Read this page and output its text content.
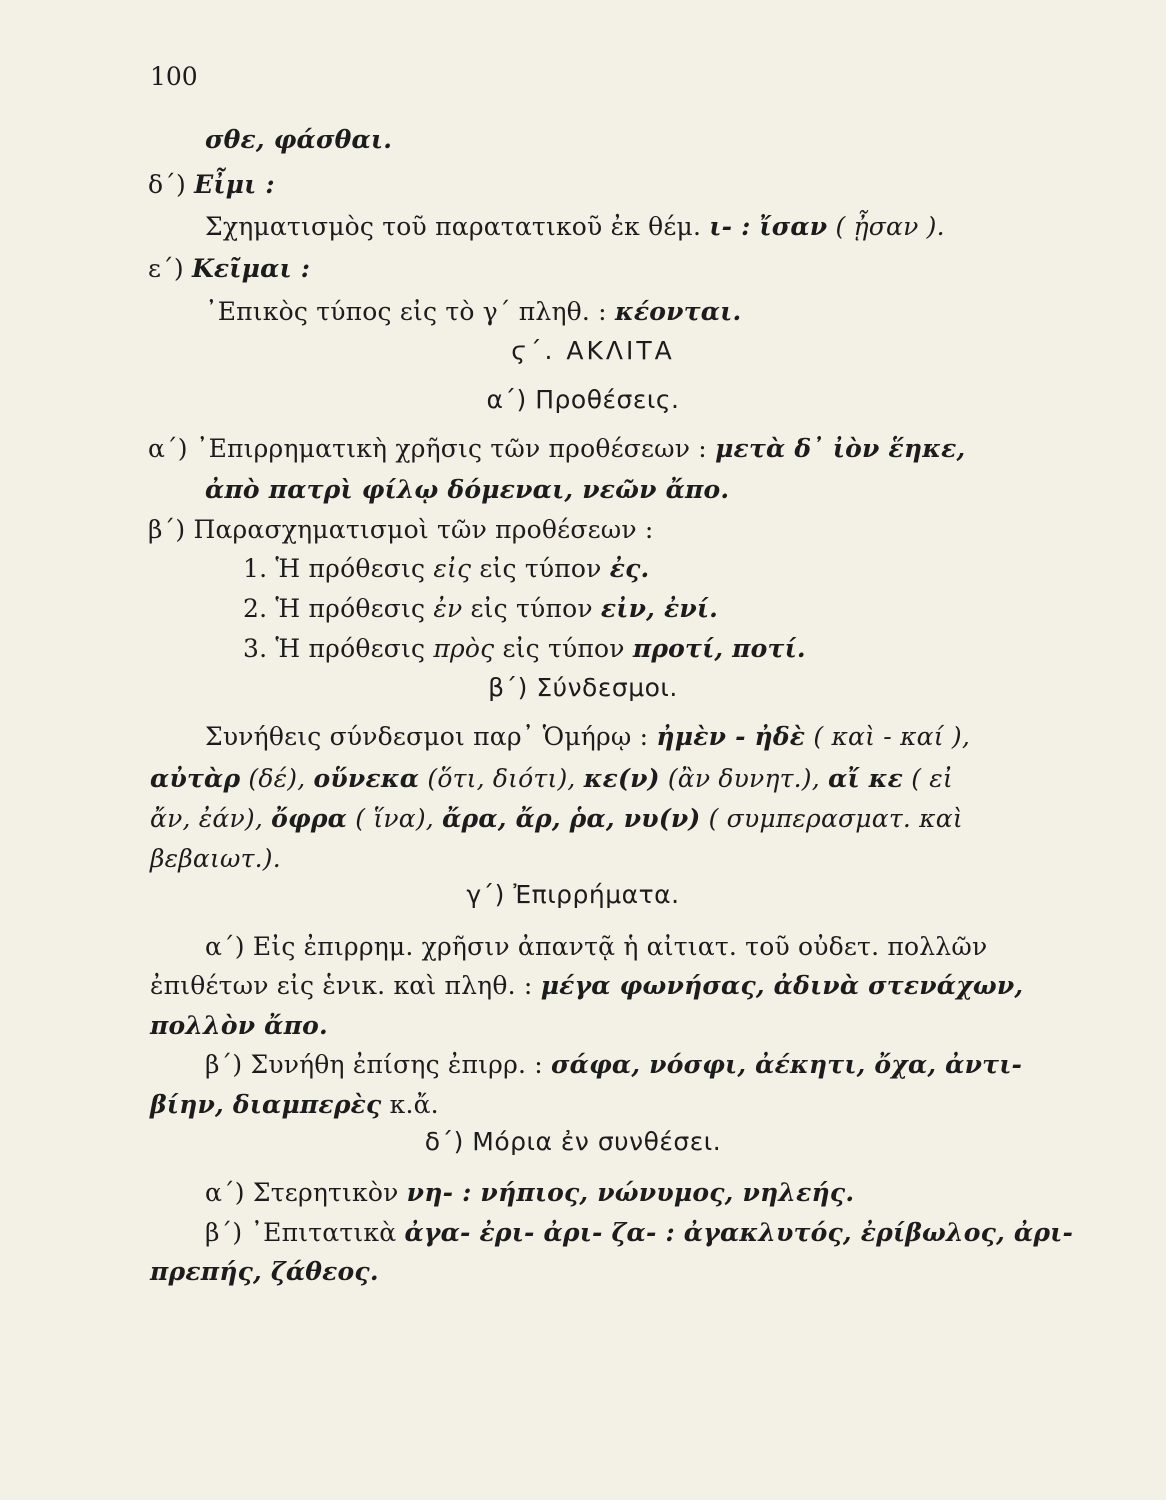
100
σθε, φάσθαι.
δ΄) Εἶμι :
Σχηματισμὸς τοῦ παρατατικοῦ ἐκ θέμ. ι- : ἴσαν ( ᾖσαν ).
ε΄) Κεῖμαι :
᾿Επικὸς τύπος εἰς τὸ γ΄ πληθ. : κέονται.
ϛ΄. ΑΚΛΙΤΑ
α΄) Προθέσεις.
α΄) ᾿Επιρρηματικὴ χρῆσις τῶν προθέσεων : μετὰ δ᾿ ἰὸν ἕηκε,
ἀπὸ πατρὶ φίλῳ δόμεναι, νεῶν ἄπο.
β΄) Παρασχηματισμοὶ τῶν προθέσεων :
1. Ἡ πρόθεσις εἰς εἰς τύπον ἐς.
2. Ἡ πρόθεσις ἐν εἰς τύπον εἰν, ἐνί.
3. Ἡ πρόθεσις πρὸς εἰς τύπον προτί, ποτί.
β΄) Σύνδεσμοι.
Συνήθεις σύνδεσμοι παρ᾿ Ὁμήρῳ : ἠμὲν - ἠδὲ ( καὶ - καί ),
αὐτὰρ (δέ), οὕνεκα (ὅτι, διότι), κε(ν) (ἂν δυνητ.), αἴ κε ( εἰ
ἄν, ἐάν), ὄφρα ( ἵνα), ἄρα, ἄρ, ῥα, νυ(ν) ( συμπερασματ. καὶ
βεβαιωτ.).
γ΄) Ἐπιρρήματα.
α΄) Εἰς ἐπιρρημ. χρῆσιν ἀπαντᾷ ἡ αἰτιατ. τοῦ οὐδετ. πολλῶν
ἐπιθέτων εἰς ἑνικ. καὶ πληθ. : μέγα φωνήσας, ἀδινὰ στενάχων,
πολλὸν ἄπο.
β΄) Συνήθη ἐπίσης ἐπιρρ. : σάφα, νόσφι, ἀέκητι, ὄχα, ἀντι-
βίην, διαμπερὲς κ.ἄ.
δ΄) Μόρια ἐν συνθέσει.
α΄) Στερητικὸν νη- : νήπιος, νώνυμος, νηλεής.
β΄) ᾿Επιτατικὰ ἀγα- ἐρι- ἀρι- ζα- : ἀγακλυτός, ἐρίβωλος, ἀρι-
πρεπής, ζάθεος.
